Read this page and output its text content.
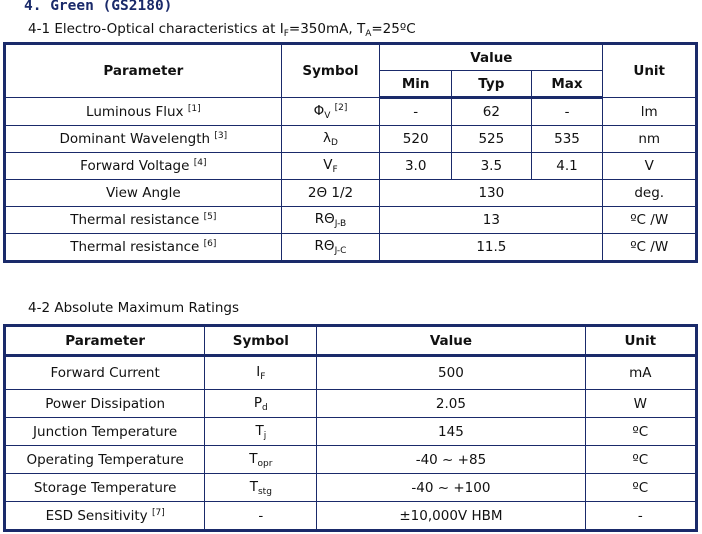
4. Green (GS2180)
4-1 Electro-Optical characteristics at $I_F=350mA$, $T_A=25ºC$
Parameter	Symbol	Value			Unit
		Min	Typ	Max	
Luminous Flux [1]	$\Phi_V$ [2]	-	62	-	lm
Dominant Wavelength [3]	$\lambda_D$	520	525	535	nm
Forward Voltage [4]	$V_F$	3.0	3.5	4.1	V
View Angle	2Θ 1/2	130			deg.
Thermal resistance [5]	$R\Theta_{J-B}$	13			ºC /W
Thermal resistance [6]	$R\Theta_{J-C}$	11.5			ºC /W
4-2 Absolute Maximum Ratings
Parameter	Symbol	Value	Unit
Forward Current	$I_F$	500	mA
Power Dissipation	$P_d$	2.05	W
Junction Temperature	$T_j$	145	ºC
Operating Temperature	$T_{opr}$	-40 ~ +85	ºC
Storage Temperature	$T_{stg}$	-40 ~ +100	ºC
ESD Sensitivity [7]	-	±10,000V HBM	-
